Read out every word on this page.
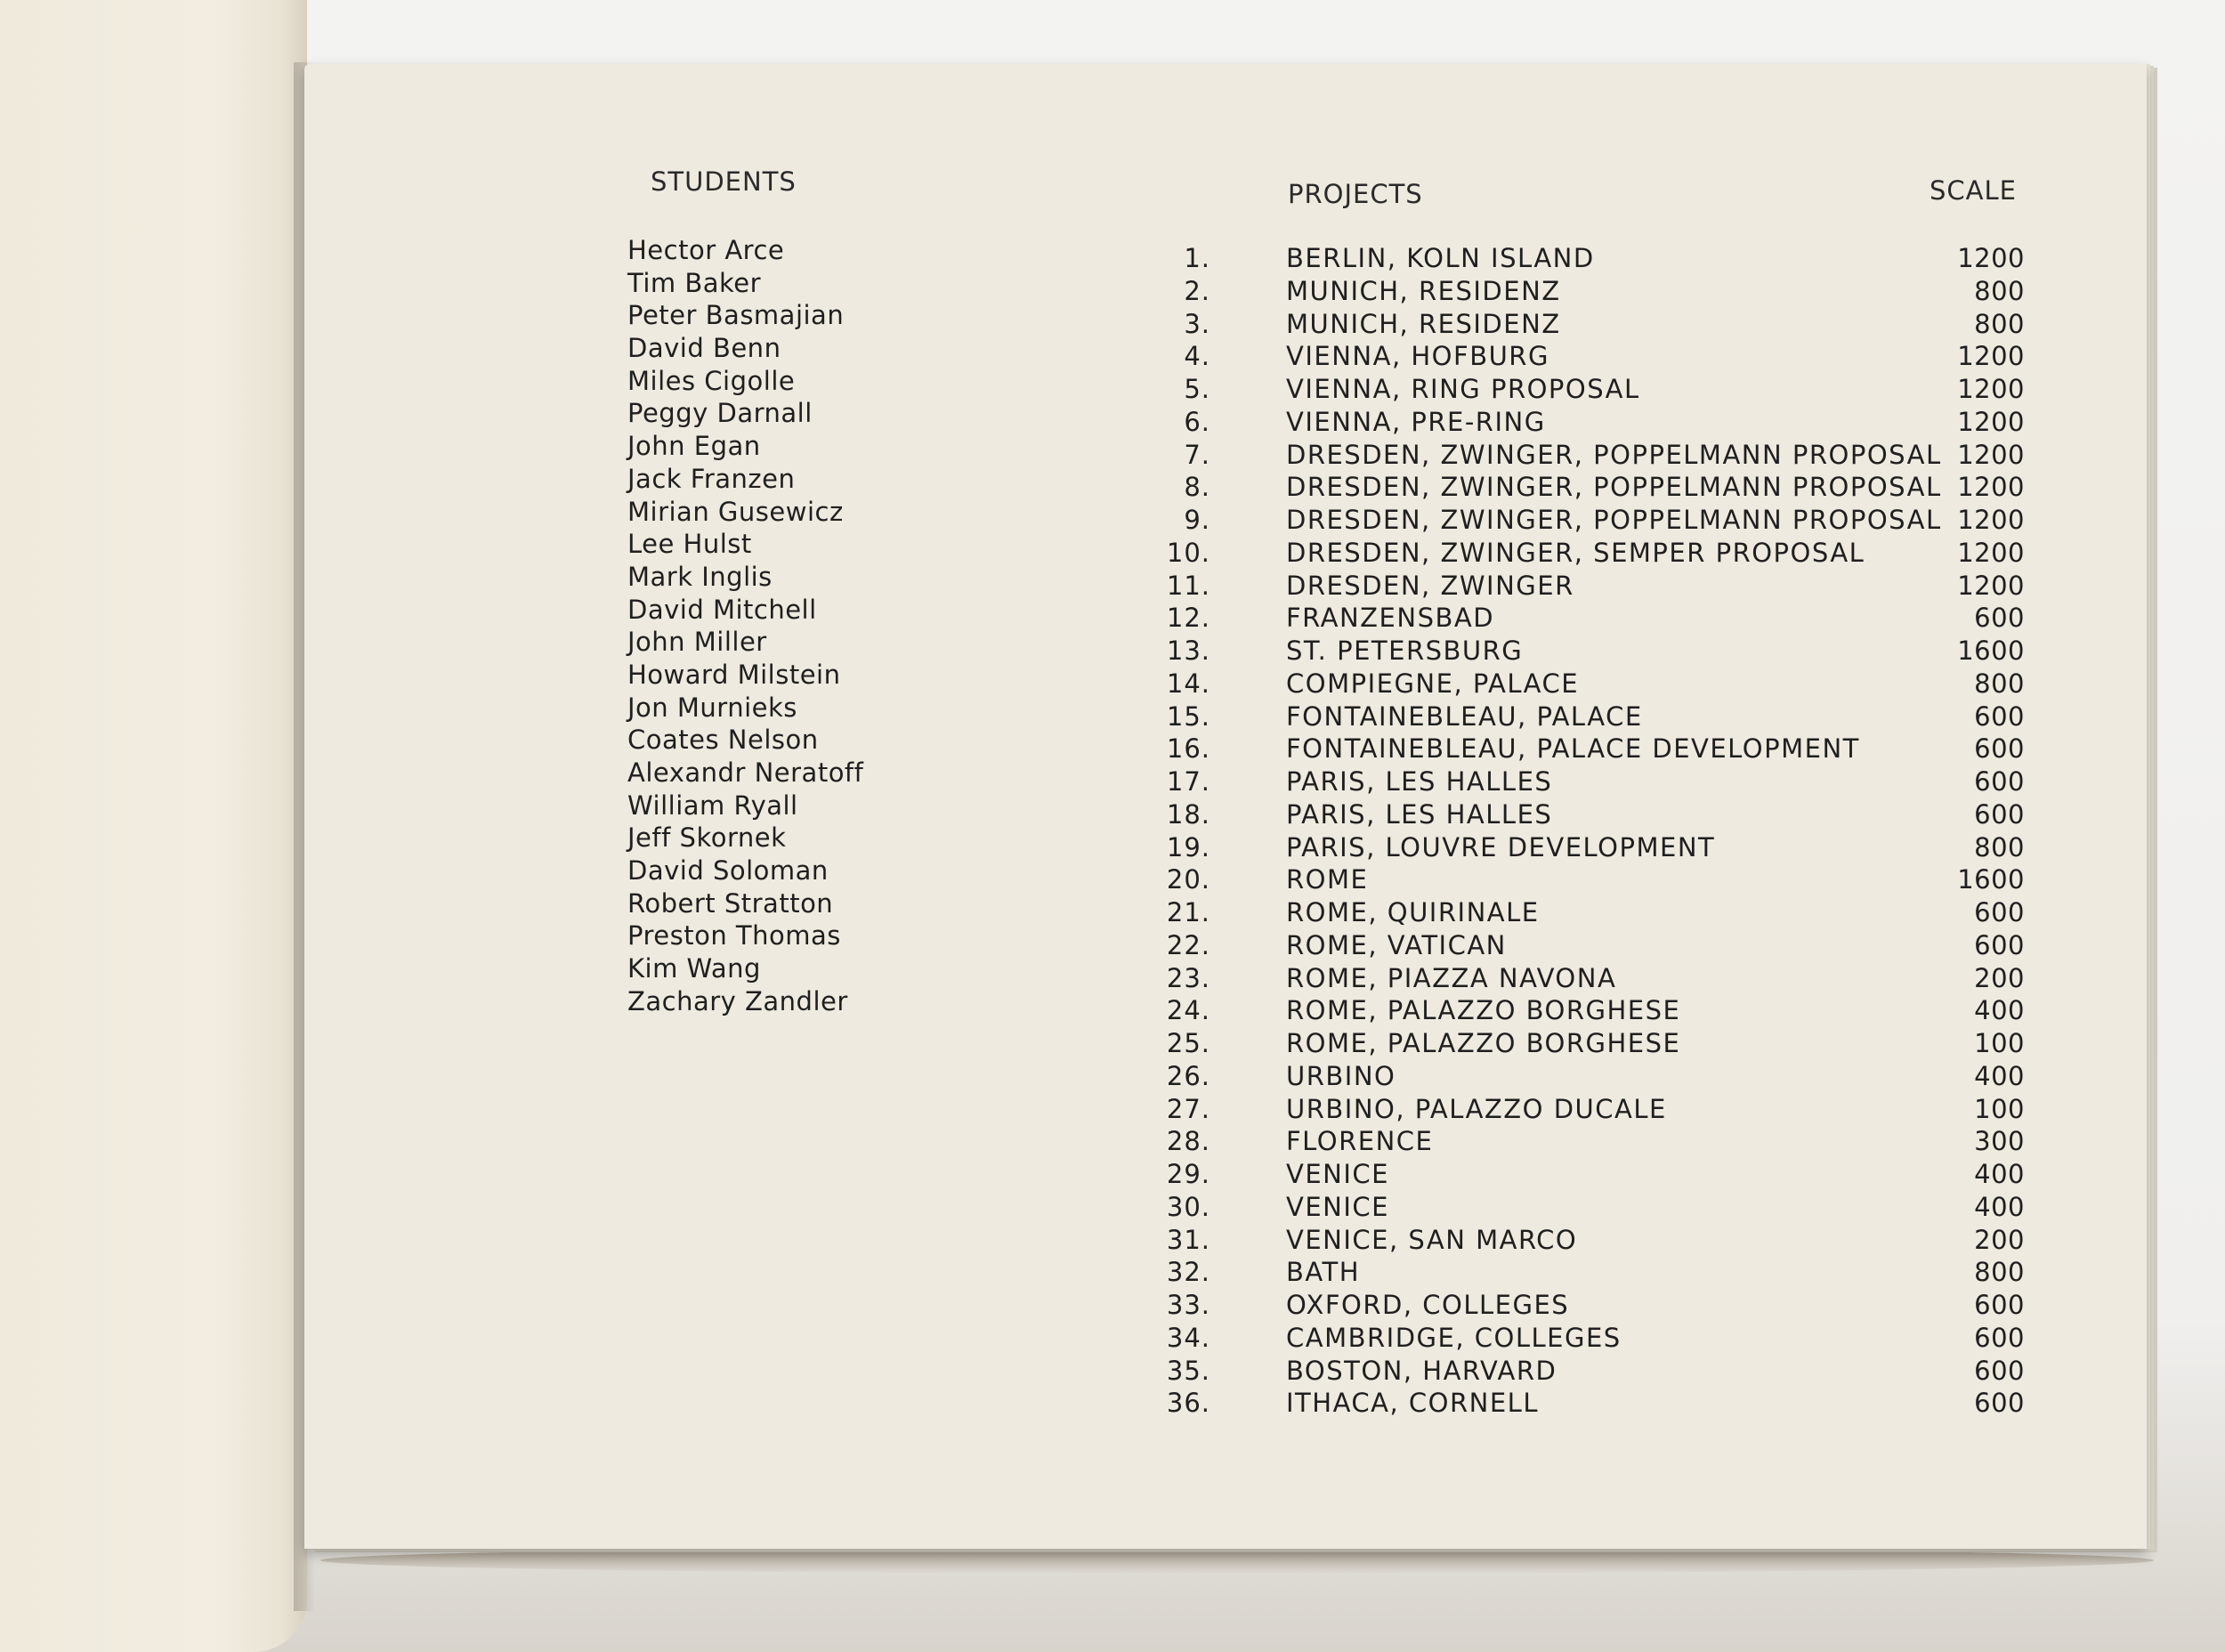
STUDENTS	PROJECTS	SCALE
Hector Arce
Tim Baker
Peter Basmajian
David Benn
Miles Cigolle
Peggy Darnall
John Egan
Jack Franzen
Mirian Gusewicz
Lee Hulst
Mark Inglis
David Mitchell
John Miller
Howard Milstein
Jon Murnieks
Coates Nelson
Alexandr Neratoff
William Ryall
Jeff Skornek
David Soloman
Robert Stratton
Preston Thomas
Kim Wang
Zachary Zandler
1.	BERLIN, KOLN ISLAND	1200
2.	MUNICH, RESIDENZ	800
3.	MUNICH, RESIDENZ	800
4.	VIENNA, HOFBURG	1200
5.	VIENNA, RING PROPOSAL	1200
6.	VIENNA, PRE-RING	1200
7.	DRESDEN, ZWINGER, POPPELMANN PROPOSAL 1200
8.	DRESDEN, ZWINGER, POPPELMANN PROPOSAL 1200
9.	DRESDEN, ZWINGER, POPPELMANN PROPOSAL 1200
10.	DRESDEN, ZWINGER, SEMPER PROPOSAL	1200
11.	DRESDEN, ZWINGER	1200
12.	FRANZENSBAD	600
13.	ST. PETERSBURG	1600
14.	COMPIEGNE, PALACE	800
15.	FONTAINEBLEAU, PALACE	600
16.	FONTAINEBLEAU, PALACE DEVELOPMENT	600
17.	PARIS, LES HALLES	600
18.	PARIS, LES HALLES	600
19.	PARIS, LOUVRE DEVELOPMENT	800
20.	ROME	1600
21.	ROME, QUIRINALE	600
22.	ROME, VATICAN	600
23.	ROME, PIAZZA NAVONA	200
24.	ROME, PALAZZO BORGHESE	400
25.	ROME, PALAZZO BORGHESE	100
26.	URBINO	400
27.	URBINO, PALAZZO DUCALE	100
28.	FLORENCE	300
29.	VENICE	400
30.	VENICE	400
31.	VENICE, SAN MARCO	200
32.	BATH	800
33.	OXFORD, COLLEGES	600
34.	CAMBRIDGE, COLLEGES	600
35.	BOSTON, HARVARD	600
36.	ITHACA, CORNELL	600
